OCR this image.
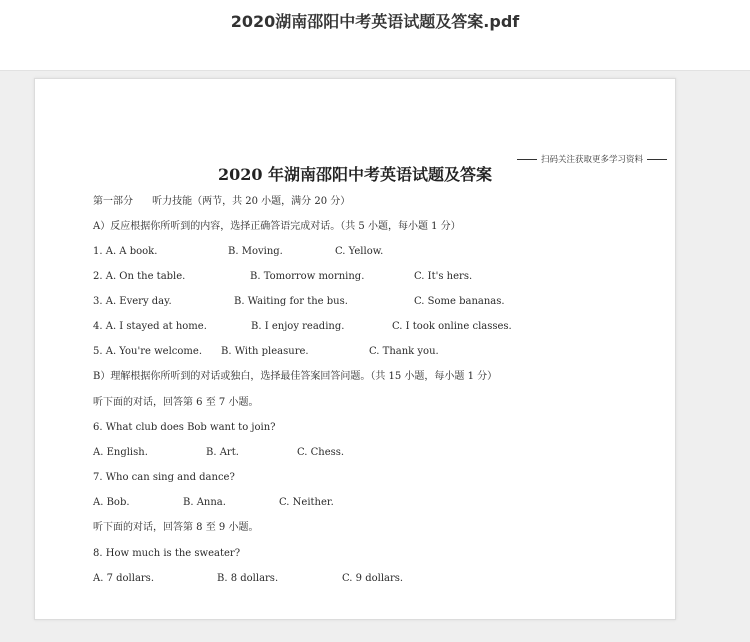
2020湖南邵阳中考英语试题及答案.pdf
扫码关注获取更多学习资料
2020 年湖南邵阳中考英语试题及答案
第一部分      听力技能（两节，共 20 小题，满分 20 分）
A）反应根据你所听到的内容，选择正确答语完成对话。（共 5 小题，每小题 1 分）

1. A. A book.

	B. Moving.

	C. Yellow.

2. A. On the table.

	B. Tomorrow morning.

	C. It's hers.

3. A. Every day.

	B. Waiting for the bus.

	C. Some bananas.

4. A. I stayed at home.

	B. I enjoy reading.

	C. I took online classes.

5. A. You're welcome.

B. With pleasure.

	C. Thank you.

B）理解根据你所听到的对话或独白，选择最佳答案回答问题。（共 15 小题，每小题 1 分）
听下面的对话，回答第 6 至 7 小题。
6. What club does Bob want to join?

A. English.

	B. Art.

	C. Chess.

7. Who can sing and dance?

A. Bob.

	B. Anna.

	C. Neither.

听下面的对话，回答第 8 至 9 小题。
8. How much is the sweater?

A. 7 dollars.

	B. 8 dollars.

	C. 9 dollars.
